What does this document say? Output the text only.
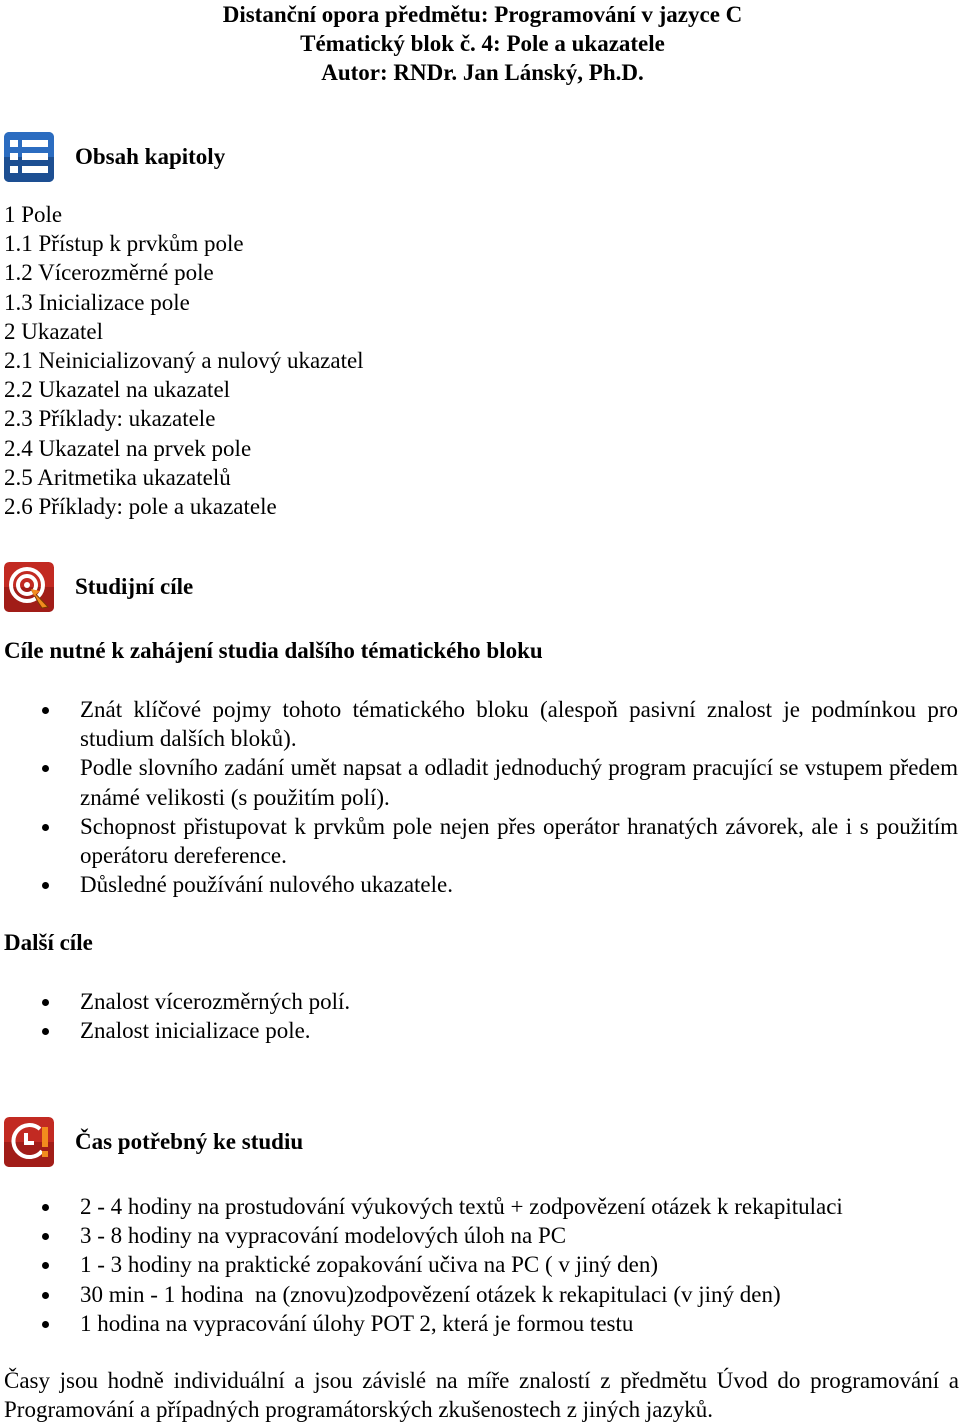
Distanční opora předmětu: Programování v jazyce C
Tématický blok č. 4: Pole a ukazatele
Autor: RNDr. Jan Lánský, Ph.D.
Obsah kapitoly
1 Pole
1.1 Přístup k prvkům pole
1.2 Vícerozměrné pole
1.3 Inicializace pole
2 Ukazatel
2.1 Neinicializovaný a nulový ukazatel
2.2 Ukazatel na ukazatel
2.3 Příklady: ukazatele
2.4 Ukazatel na prvek pole
2.5 Aritmetika ukazatelů
2.6 Příklady: pole a ukazatele
Studijní cíle
Cíle nutné k zahájení studia dalšího tématického bloku
Znát klíčové pojmy tohoto tématického bloku (alespoň pasivní znalost je podmínkou pro studium dalších bloků).
Podle slovního zadání umět napsat a odladit jednoduchý program pracující se vstupem předem známé velikosti (s použitím polí).
Schopnost přistupovat k prvkům pole nejen přes operátor hranatých závorek, ale i s použitím operátoru dereference.
Důsledné používání nulového ukazatele.
Další cíle
Znalost vícerozměrných polí.
Znalost inicializace pole.
Čas potřebný ke studiu
2 - 4 hodiny na prostudování výukových textů + zodpovězení otázek k rekapitulaci
3 - 8 hodiny na vypracování modelových úloh na PC
1 - 3 hodiny na praktické zopakování učiva na PC ( v jiný den)
30 min - 1 hodina  na (znovu)zodpovězení otázek k rekapitulaci (v jiný den)
1 hodina na vypracování úlohy POT 2, která je formou testu
Časy jsou hodně individuální a jsou závislé na míře znalostí z předmětu Úvod do programování a Programování a případných programátorských zkušenostech z jiných jazyků.
